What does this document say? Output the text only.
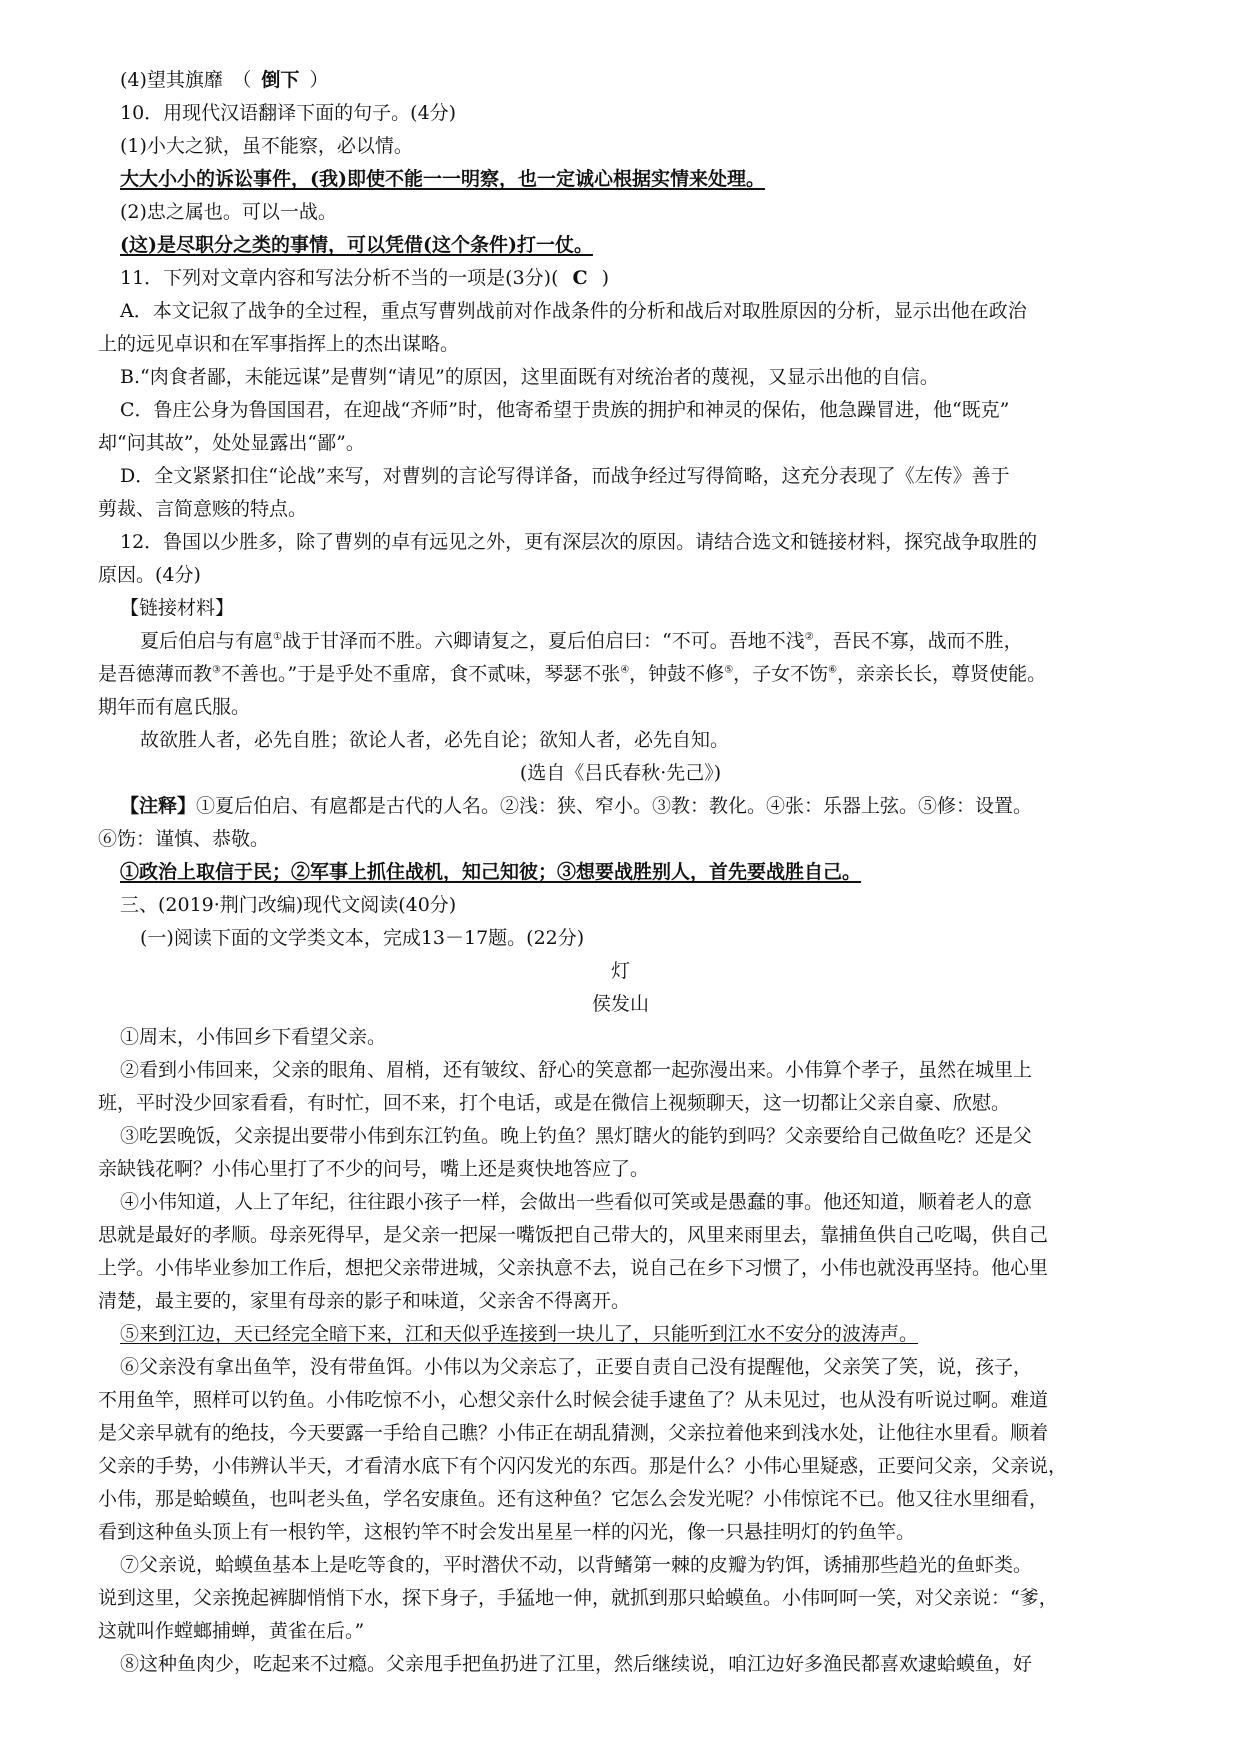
(4)望其旗靡　（ 倒下 ）
10．用现代汉语翻译下面的句子。(4分)
(1)小大之狱，虽不能察，必以情。
大大小小的诉讼事件，(我)即使不能一一明察，也一定诚心根据实情来处理。
(2)忠之属也。可以一战。
(这)是尽职分之类的事情，可以凭借(这个条件)打一仗。
11．下列对文章内容和写法分析不当的一项是(3分)( C )
A．本文记叙了战争的全过程，重点写曹刿战前对作战条件的分析和战后对取胜原因的分析，显示出他在政治
上的远见卓识和在军事指挥上的杰出谋略。
B.“肉食者鄙，未能远谋”是曹刿“请见”的原因，这里面既有对统治者的蔑视，又显示出他的自信。
C．鲁庄公身为鲁国国君，在迎战“齐师”时，他寄希望于贵族的拥护和神灵的保佑，他急躁冒进，他“既克”
却“问其故”，处处显露出“鄙”。
D．全文紧紧扣住“论战”来写，对曹刿的言论写得详备，而战争经过写得简略，这充分表现了《左传》善于
剪裁、言简意赅的特点。
12．鲁国以少胜多，除了曹刿的卓有远见之外，更有深层次的原因。请结合选文和链接材料，探究战争取胜的
原因。(4分)
【链接材料】
夏后伯启与有扈①战于甘泽而不胜。六卿请复之，夏后伯启曰：“不可。吾地不浅②，吾民不寡，战而不胜，
是吾德薄而教③不善也。”于是乎处不重席，食不贰味，琴瑟不张④，钟鼓不修⑤，子女不饬⑥，亲亲长长，尊贤使能。
期年而有扈氏服。
故欲胜人者，必先自胜；欲论人者，必先自论；欲知人者，必先自知。
(选自《吕氏春秋·先己》)
【注释】①夏后伯启、有扈都是古代的人名。②浅：狭、窄小。③教：教化。④张：乐器上弦。⑤修：设置。
⑥饬：谨慎、恭敬。
①政治上取信于民；②军事上抓住战机，知己知彼；③想要战胜别人，首先要战胜自己。
三、(2019·荆门改编)现代文阅读(40分)
(一)阅读下面的文学类文本，完成13－17题。(22分)
灯
侯发山
①周末，小伟回乡下看望父亲。
②看到小伟回来，父亲的眼角、眉梢，还有皱纹、舒心的笑意都一起弥漫出来。小伟算个孝子，虽然在城里上
班，平时没少回家看看，有时忙，回不来，打个电话，或是在微信上视频聊天，这一切都让父亲自豪、欣慰。
③吃罢晚饭，父亲提出要带小伟到东江钓鱼。晚上钓鱼？黑灯瞎火的能钓到吗？父亲要给自己做鱼吃？还是父
亲缺钱花啊？小伟心里打了不少的问号，嘴上还是爽快地答应了。
④小伟知道，人上了年纪，往往跟小孩子一样，会做出一些看似可笑或是愚蠢的事。他还知道，顺着老人的意
思就是最好的孝顺。母亲死得早，是父亲一把屎一嘴饭把自己带大的，风里来雨里去，靠捕鱼供自己吃喝，供自己
上学。小伟毕业参加工作后，想把父亲带进城，父亲执意不去，说自己在乡下习惯了，小伟也就没再坚持。他心里
清楚，最主要的，家里有母亲的影子和味道，父亲舍不得离开。
⑤来到江边，天已经完全暗下来，江和天似乎连接到一块儿了，只能听到江水不安分的波涛声。
⑥父亲没有拿出鱼竿，没有带鱼饵。小伟以为父亲忘了，正要自责自己没有提醒他，父亲笑了笑，说，孩子，
不用鱼竿，照样可以钓鱼。小伟吃惊不小，心想父亲什么时候会徒手逮鱼了？从未见过，也从没有听说过啊。难道
是父亲早就有的绝技，今天要露一手给自己瞧？小伟正在胡乱猜测，父亲拉着他来到浅水处，让他往水里看。顺着
父亲的手势，小伟辨认半天，才看清水底下有个闪闪发光的东西。那是什么？小伟心里疑惑，正要问父亲，父亲说，
小伟，那是蛤蟆鱼，也叫老头鱼，学名安康鱼。还有这种鱼？它怎么会发光呢？小伟惊诧不已。他又往水里细看，
看到这种鱼头顶上有一根钓竿，这根钓竿不时会发出星星一样的闪光，像一只悬挂明灯的钓鱼竿。
⑦父亲说，蛤蟆鱼基本上是吃等食的，平时潜伏不动，以背鳍第一棘的皮瓣为钓饵，诱捕那些趋光的鱼虾类。
说到这里，父亲挽起裤脚悄悄下水，探下身子，手猛地一伸，就抓到那只蛤蟆鱼。小伟呵呵一笑，对父亲说：“爹，
这就叫作螳螂捕蝉，黄雀在后。”
⑧这种鱼肉少，吃起来不过瘾。父亲甩手把鱼扔进了江里，然后继续说，咱江边好多渔民都喜欢逮蛤蟆鱼，好
